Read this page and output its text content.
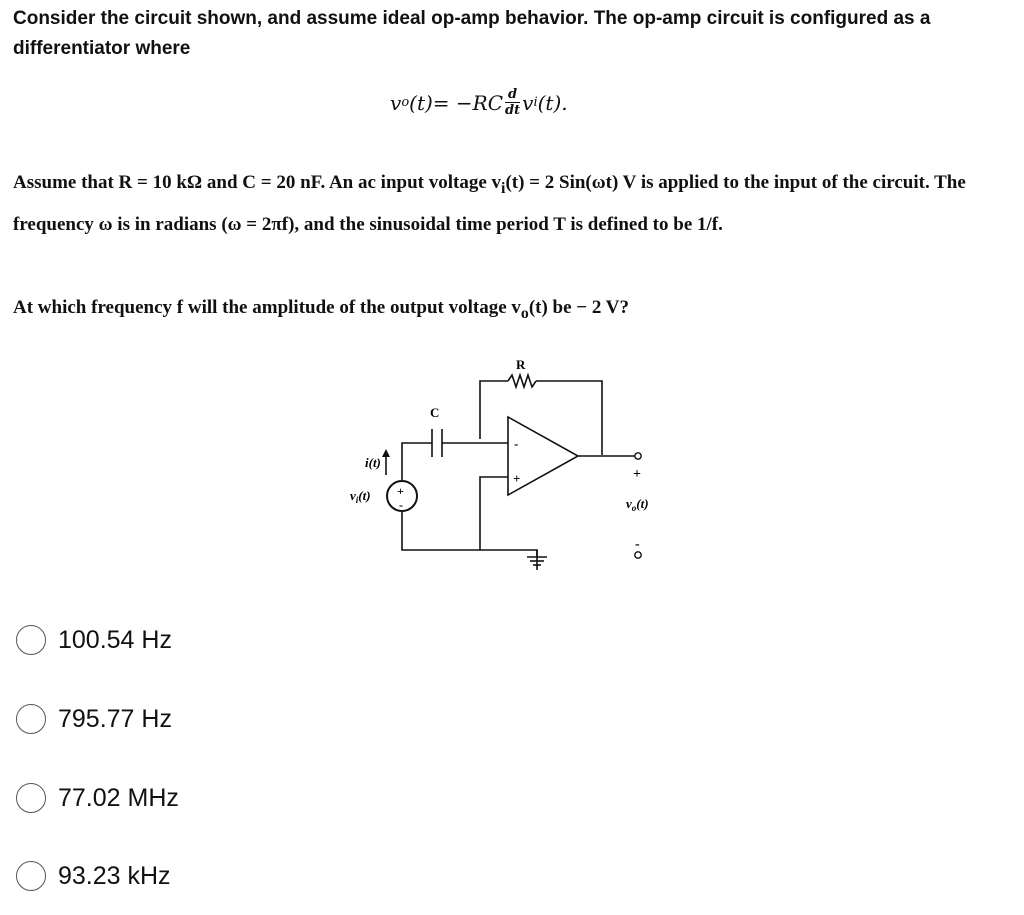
Consider the circuit shown, and assume ideal op-amp behavior. The op-amp circuit is configured as a differentiator where

v o $(t) = -RC \frac{d}{dt}$ v i (t).

Assume that R = 10 kΩ and C = 20 nF. An ac input voltage $v_i(t) = 2$ Sin(ωt) V is applied to the input of the circuit. The frequency ω is in radians (ω = 2πf), and the sinusoidal time period T is defined to be 1/f.

At which frequency f will the amplitude of the output voltage $v_o(t)$ be − 2 V?

R
C
-
+
+
-
i(t)
$v_i(t)$
+
$v_o(t)$
-
100.54 Hz
795.77 Hz
77.02 MHz
93.23 kHz
